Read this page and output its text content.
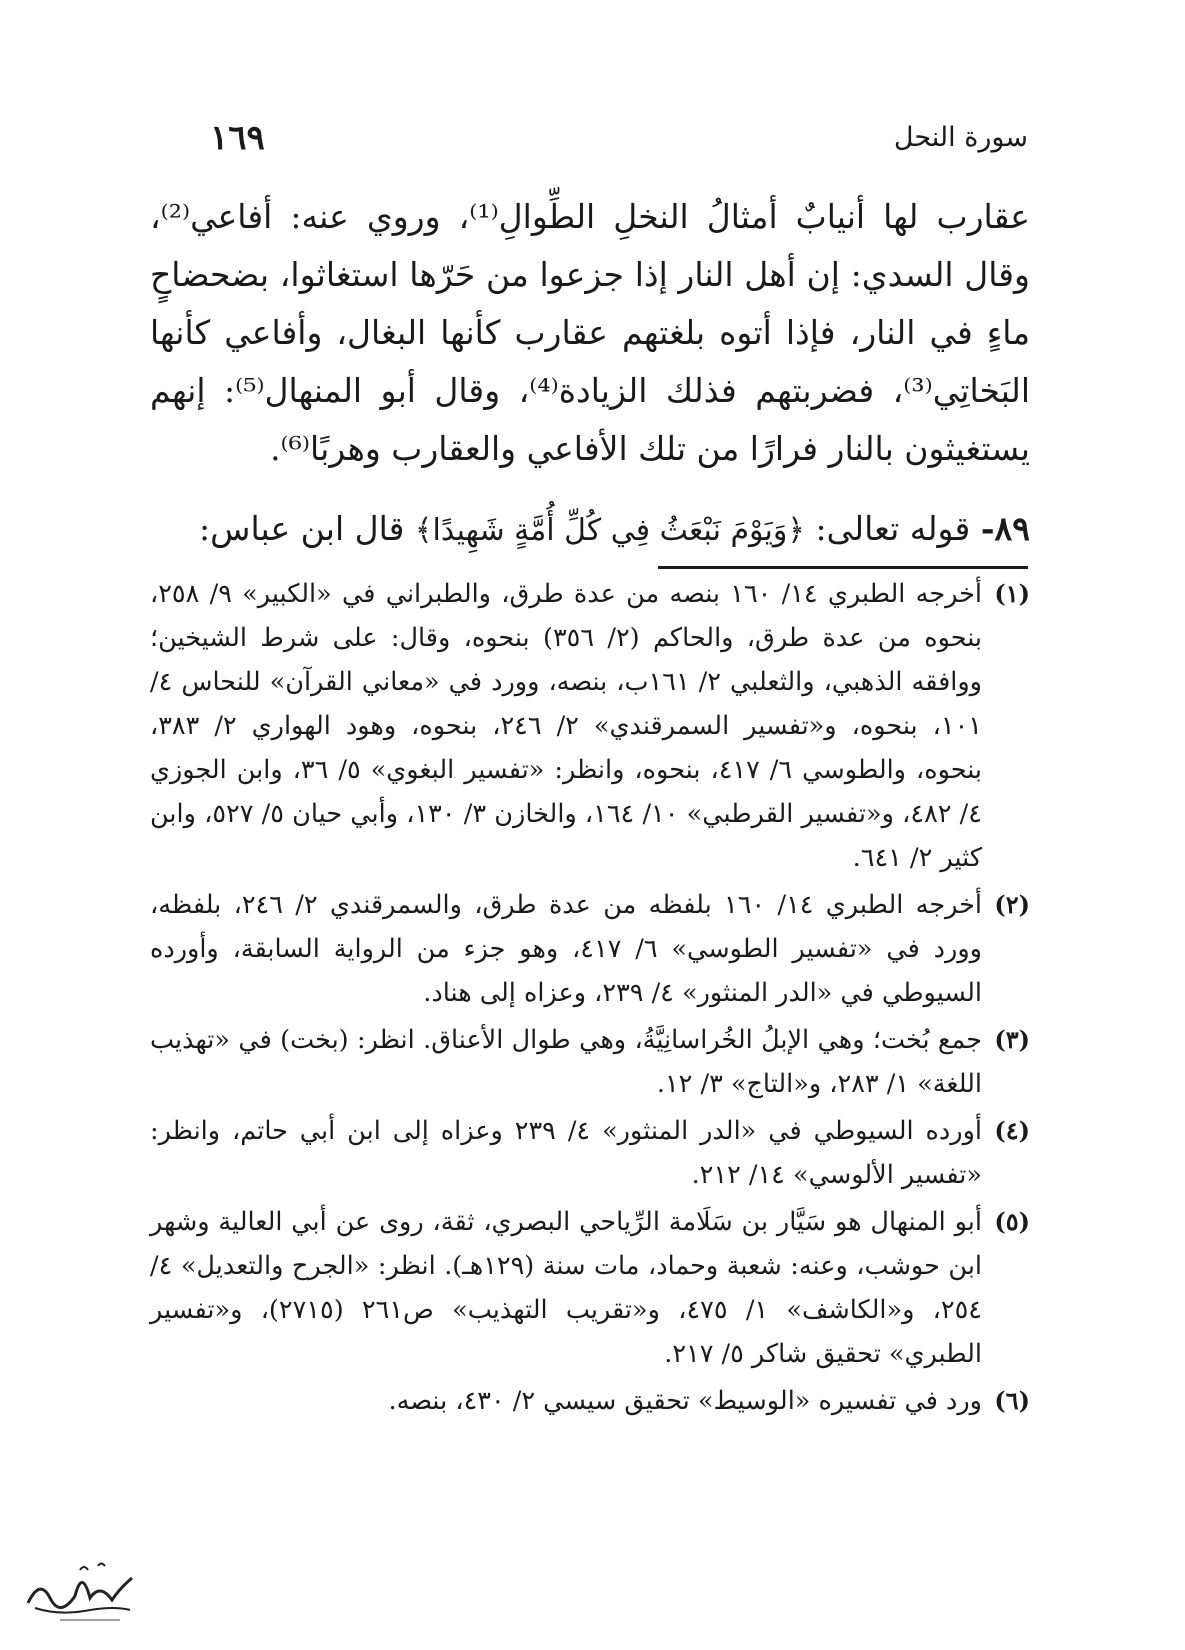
سورة النحل
١٦٩

عقارب لها أنيابٌ أمثالُ النخلِ الطِّوالِ⁽¹⁾، وروي عنه: أفاعي⁽²⁾، وقال السدي: إن أهل النار إذا جزعوا من حَرّها استغاثوا، بضحضاحٍ ماءٍ في النار، فإذا أتوه بلغتهم عقارب كأنها البغال، وأفاعي كأنها البَخاتِي⁽³⁾، فضربتهم فذلك الزيادة⁽⁴⁾، وقال أبو المنهال⁽⁵⁾: إنهم يستغيثون بالنار فرارًا من تلك الأفاعي والعقارب وهربًا⁽⁶⁾.

٨٩- قوله تعالى: ﴿وَيَوْمَ نَبْعَثُ فِي كُلِّ أُمَّةٍ شَهِيدًا﴾ قال ابن عباس:
(١)
أخرجه الطبري ١٤/ ١٦٠ بنصه من عدة طرق، والطبراني في «الكبير» ٩/ ٢٥٨، بنحوه من عدة طرق، والحاكم (٢/ ٣٥٦) بنحوه، وقال: على شرط الشيخين؛ ووافقه الذهبي، والثعلبي ٢/ ١٦١ب، بنصه، وورد في «معاني القرآن» للنحاس ٤/ ١٠١، بنحوه، و«تفسير السمرقندي» ٢/ ٢٤٦، بنحوه، وهود الهواري ٢/ ٣٨٣، بنحوه، والطوسي ٦/ ٤١٧، بنحوه، وانظر: «تفسير البغوي» ٥/ ٣٦، وابن الجوزي ٤/ ٤٨٢، و«تفسير القرطبي» ١٠/ ١٦٤، والخازن ٣/ ١٣٠، وأبي حيان ٥/ ٥٢٧، وابن كثير ٢/ ٦٤١.
(٢)
أخرجه الطبري ١٤/ ١٦٠ بلفظه من عدة طرق، والسمرقندي ٢/ ٢٤٦، بلفظه، وورد في «تفسير الطوسي» ٦/ ٤١٧، وهو جزء من الرواية السابقة، وأورده السيوطي في «الدر المنثور» ٤/ ٢٣٩، وعزاه إلى هناد.
(٣)
جمع بُخت؛ وهي الإبلُ الخُراسانِيَّةُ، وهي طوال الأعناق. انظر: (بخت) في «تهذيب اللغة» ١/ ٢٨٣، و«التاج» ٣/ ١٢.
(٤)
أورده السيوطي في «الدر المنثور» ٤/ ٢٣٩ وعزاه إلى ابن أبي حاتم، وانظر: «تفسير الألوسي» ١٤/ ٢١٢.
(٥)
أبو المنهال هو سَيَّار بن سَلَامة الرِّياحي البصري، ثقة، روى عن أبي العالية وشهر ابن حوشب، وعنه: شعبة وحماد، مات سنة (١٢٩هـ). انظر: «الجرح والتعديل» ٤/ ٢٥٤، و«الكاشف» ١/ ٤٧٥، و«تقريب التهذيب» ص٢٦١ (٢٧١٥)، و«تفسير الطبري» تحقيق شاكر ٥/ ٢١٧.
(٦)
ورد في تفسيره «الوسيط» تحقيق سيسي ٢/ ٤٣٠، بنصه.
